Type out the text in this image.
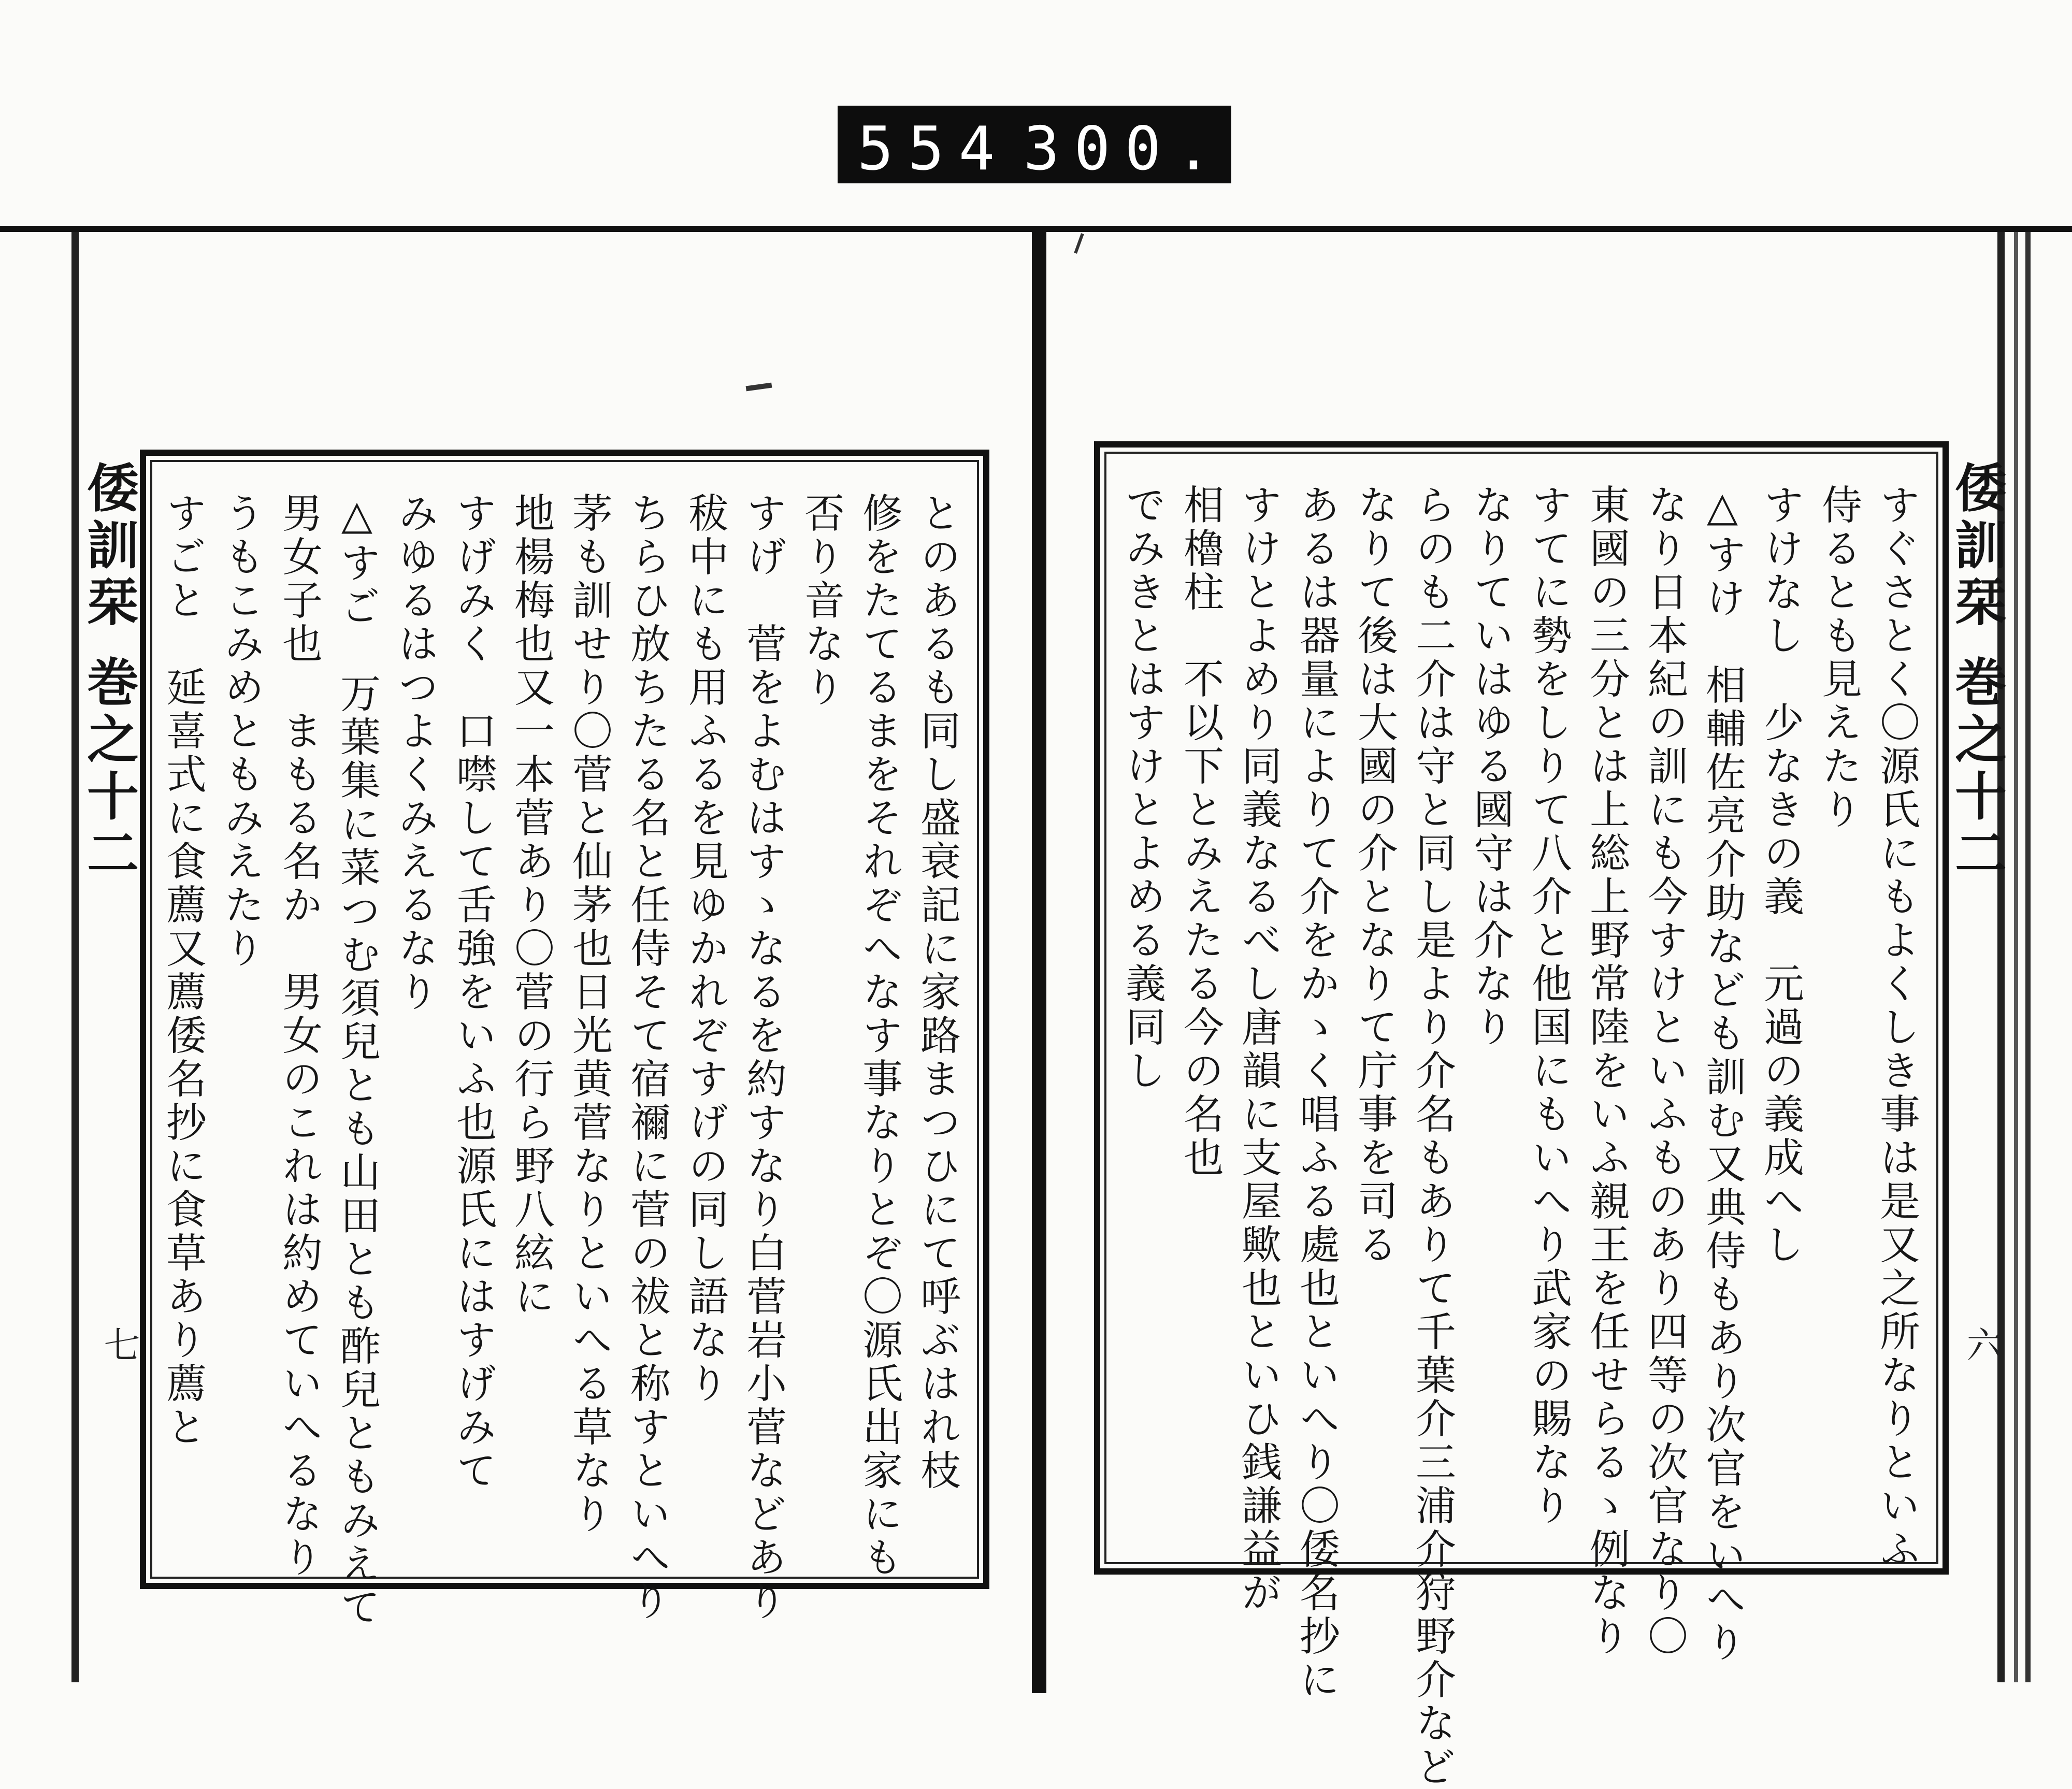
554 300.
倭訓栞 巻之十二
七	とのあるも同し盛衰記に家路まつひにて呼ぶはれ枝
修をたてるまをそれぞへなす事なりとぞ〇源氏出家にも
否り音なり
すげ　菅をよむはすゝなるを約すなり白菅岩小菅などあり
秡中にも用ふるを見ゆかれぞすげの同し語なり
ちらひ放ちたる名と任侍そて宿禰に菅の祓と称すといへり
茅も訓せり〇菅と仙茅也日光黄菅なりといへる草なり
地楊梅也又一本菅あり〇菅の行ら野八絃に
すげみく　口噤して舌強をいふ也源氏にはすげみて
みゆるはつよくみえるなり
△すご　万葉集に菜つむ須兒とも山田とも酢兒ともみえて
男女子也　まもる名か　男女のこれは約めていへるなり
うもこみめともみえたり
すごと　延喜式に食薦又薦倭名抄に食草あり薦と	すぐさとく〇源氏にもよくしき事は是又之所なりといふ
侍るとも見えたり
すけなし　少なきの義　元過の義成へし
△すけ　相輔佐亮介助なども訓む又典侍もあり次官をいへり
なり日本紀の訓にも今すけといふものあり四等の次官なり〇
東國の三分とは上総上野常陸をいふ親王を任せらるゝ例なり
すてに勢をしりて八介と他国にもいへり武家の賜なり
なりていはゆる國守は介なり
らのも二介は守と同し是より介名もありて千葉介三浦介狩野介など
なりて後は大國の介となりて庁事を司る
あるは器量によりて介をかゝく唱ふる處也といへり〇倭名抄に
すけとよめり同義なるべし唐韻に支屋歟也といひ銭謙益が
相櫓柱　不以下とみえたる今の名也
でみきとはすけとよめる義同し	倭訓栞 巻之十二
六
